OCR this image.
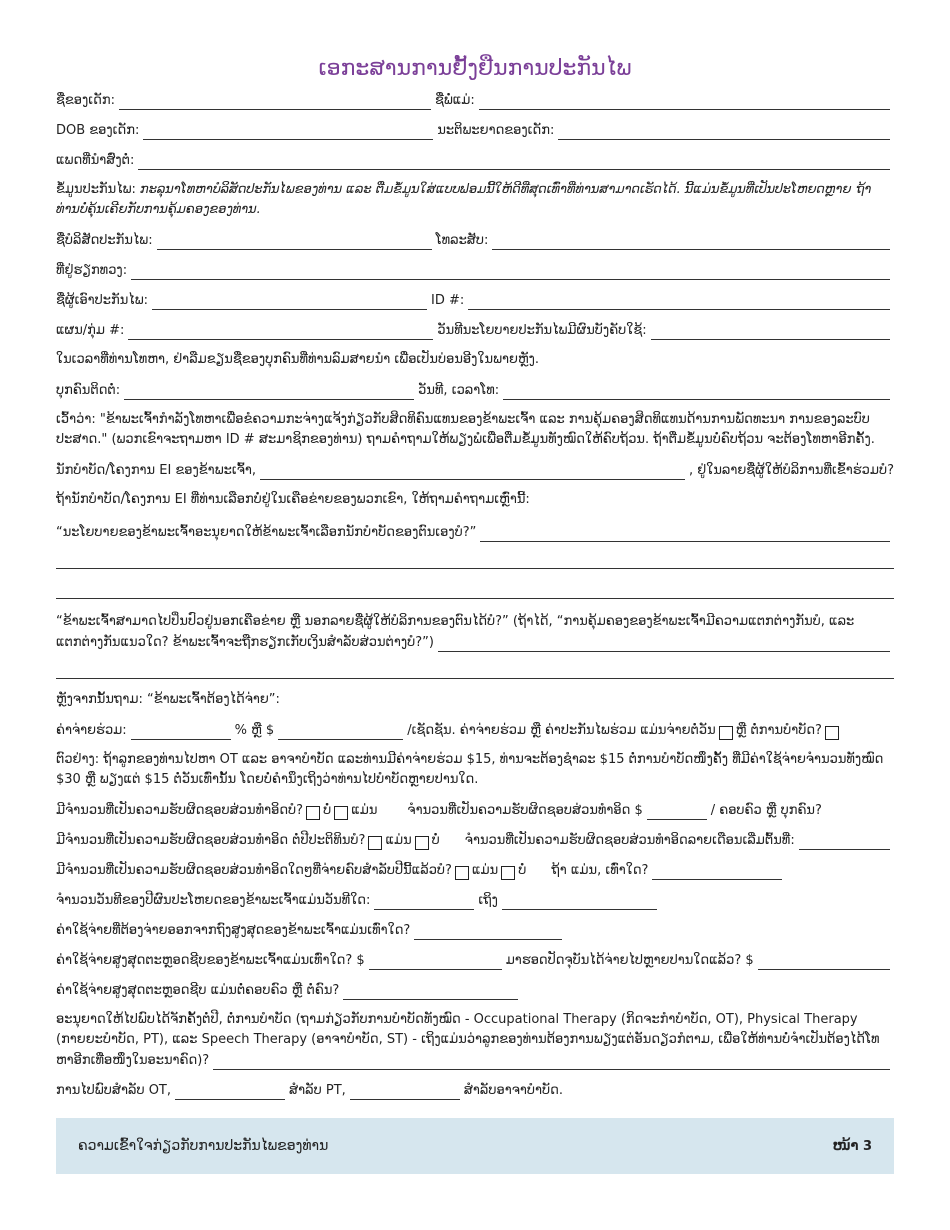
ເອກະສານການຢັ້ງຢືນການປະກັນໄພ
ຊື່ຂອງເດັກ:	ຊື່ພໍ່ແມ່:
DOB ຂອງເດັກ:	ນະຕິພະຍາດຂອງເດັກ:
ແພດທີ່ນຳສົ່ງຕໍ່:
ຂໍ້ມູນປະກັນໄພ: ກະລຸນາໂທຫາບໍລິສັດປະກັນໄພຂອງທ່ານ ແລະ ຕື່ມຂໍ້ມູນໃສ່ແບບຟອມນີ້ໃຫ້ດີທີ່ສຸດເທົ່າທີ່ທ່ານສາມາດເຮັດໄດ້. ນີ້ແມ່ນຂໍ້ມູນທີ່ເປັນປະໂຫຍດຫຼາຍ ຖ້າທ່ານບໍ່ຄຸ້ນເຄີຍກັບການຄຸ້ມຄອງຂອງທ່ານ.
ຊື່ບໍລິສັດປະກັນໄພ:	ໂທລະສັບ:
ທີ່ຢູ່ຮຽກທວງ:
ຊື່ຜູ້ເອົາປະກັນໄພ:	ID #:
ແຜນ/ກຸ່ມ #:	ວັນທີນະໂຍບາຍປະກັນໄພມີຜົນບັງຄັບໃຊ້:
ໃນເວລາທີ່ທ່ານໂທຫາ, ຢ່າລືມຂຽນຊື່ຂອງບຸກຄົນທີ່ທ່ານລົມສາຍນຳ ເພື່ອເປັນບ່ອນອີງໃນພາຍຫຼັງ.
ບຸກຄົນຕິດຕໍ່:	ວັນທີ, ເວລາໂທ:
ເວົ້າວ່າ: "ຂ້າພະເຈົ້າກຳລັງໂທຫາເພື່ອຂໍຄວາມກະຈ່າງແຈ້ງກ່ຽວກັບສິດທິຄົນແທນຂອງຂ້າພະເຈົ້າ ແລະ ການຄຸ້ມຄອງສິດທິແທນດ້ານການພັດທະນາ ການຂອງລະບົບ
ປະສາດ." (ພວກເຂົາຈະຖາມຫາ ID # ສະມາຊິກຂອງທ່ານ) ຖາມຄຳຖາມໃຫ້ພຽງພໍເພື່ອຕື່ມຂໍ້ມູນທັງໝົດໃຫ້ຄົບຖ້ວນ. ຖ້າຕື່ມຂໍ້ມູນບໍ່ຄົບຖ້ວນ ຈະຕ້ອງໂທຫາອີກຄັ້ງ.
ນັກບຳບັດ/ໂຄງການ EI ຂອງຂ້າພະເຈົ້າ,	, ຢູ່ໃນລາຍຊື່ຜູ້ໃຫ້ບໍລິການທີ່ເຂົ້າຮ່ວມບໍ?
ຖ້ານັກບຳບັດ/ໂຄງການ EI ທີ່ທ່ານເລືອກບໍ່ຢູ່ໃນເຄືອຂ່າຍຂອງພວກເຂົາ, ໃຫ້ຖາມຄຳຖາມເຫຼົ່ານີ້:
“ນະໂຍບາຍຂອງຂ້າພະເຈົ້າອະນຸຍາດໃຫ້ຂ້າພະເຈົ້າເລືອກນັກບຳບັດຂອງຕົນເອງບໍ?”
“ຂ້າພະເຈົ້າສາມາດໄປປິ່ນປົວຢູ່ນອກເຄືອຂ່າຍ ຫຼື ນອກລາຍຊື່ຜູ້ໃຫ້ບໍລິການຂອງຕົນໄດ້ບໍ?” (ຖ້າໄດ້, “ການຄຸ້ມຄອງຂອງຂ້າພະເຈົ້າມີຄວາມແຕກຕ່າງກັນບໍ, ແລະ
ແຕກຕ່າງກັນແນວໃດ? ຂ້າພະເຈົ້າຈະຖືກຮຽກເກັບເງິນສຳລັບສ່ວນຕ່າງບໍ?”)
ຫຼັງຈາກນັ້ນຖາມ: “ຂ້າພະເຈົ້າຕ້ອງໄດ້ຈ່າຍ”:
ຄ່າຈ່າຍຮ່ວມ:	% ຫຼື $	/ເຊັດຊັນ. ຄ່າຈ່າຍຮ່ວມ ຫຼື ຄ່າປະກັນໄພຮ່ວມ ແມ່ນຈ່າຍຕໍ່ວັນ ຫຼື ຕໍ່ການບຳບັດ?
ຕົວຢ່າງ: ຖ້າລູກຂອງທ່ານໄປຫາ OT ແລະ ອາຈາບຳບັດ ແລະທ່ານມີຄ່າຈ່າຍຮ່ວມ $15, ທ່ານຈະຕ້ອງຊຳລະ $15 ຕໍ່ການບຳບັດໜຶ່ງຄັ້ງ ທີ່ມີຄ່າໃຊ້ຈ່າຍຈຳນວນທັງໝົດ
$30 ຫຼື ພຽງແຕ່ $15 ຕໍ່ວັນເທົ່ານັ້ນ ໂດຍບໍ່ຄຳນຶງເຖິງວ່າທ່ານໄປບຳບັດຫຼາຍປານໃດ.
ມີຈຳນວນທີ່ເປັນຄວາມຮັບຜິດຊອບສ່ວນທຳອິດບໍ? ບໍ່ ແມ່ນ ຈຳນວນທີ່ເປັນຄວາມຮັບຜິດຊອບສ່ວນທຳອິດ $	/ ຄອບຄົວ ຫຼື ບຸກຄົນ?
ມີຈຳນວນທີ່ເປັນຄວາມຮັບຜິດຊອບສ່ວນທຳອິດ ຕໍ່ປີປະຕິທິນບໍ? ແມ່ນ ບໍ່ ຈຳນວນທີ່ເປັນຄວາມຮັບຜິດຊອບສ່ວນທຳອິດລາຍເດືອນເລີ່ມຕົ້ນທີ່:
ມີຈຳນວນທີ່ເປັນຄວາມຮັບຜິດຊອບສ່ວນທຳອິດໃດໆທີ່ຈ່າຍຄົບສຳລັບປີນີ້ແລ້ວບໍ? ແມ່ນ ບໍ່ ຖ້າ ແມ່ນ, ເທົ່າໃດ?
ຈຳນວນວັນທີຂອງປີຜົນປະໂຫຍດຂອງຂ້າພະເຈົ້າແມ່ນວັນທີໃດ:	ເຖິງ
ຄ່າໃຊ້ຈ່າຍທີ່ຕ້ອງຈ່າຍອອກຈາກຖົງສູງສຸດຂອງຂ້າພະເຈົ້າແມ່ນເທົ່າໃດ?
ຄ່າໃຊ້ຈ່າຍສູງສຸດຕະຫຼອດຊີບຂອງຂ້າພະເຈົ້າແມ່ນເທົ່າໃດ? $	ມາຮອດປັດຈຸບັນໄດ້ຈ່າຍໄປຫຼາຍປານໃດແລ້ວ? $
ຄ່າໃຊ້ຈ່າຍສູງສຸດຕະຫຼອດຊີບ ແມ່ນຕໍ່ຄອບຄົວ ຫຼື ຕໍ່ຄົນ?
ອະນຸຍາດໃຫ້ໄປພົບໄດ້ຈັກຄັ້ງຕໍ່ປີ, ຕໍ່ການບຳບັດ (ຖາມກ່ຽວກັບການບຳບັດທັງໝົດ - Occupational Therapy (ກິດຈະກຳບຳບັດ, OT), Physical Therapy
(ກາຍຍະບຳບັດ, PT), ແລະ Speech Therapy (ອາຈາບຳບັດ, ST) - ເຖິງແມ່ນວ່າລູກຂອງທ່ານຕ້ອງການພຽງແຕ່ອັນດຽວກໍຕາມ, ເພື່ອໃຫ້ທ່ານບໍ່ຈຳເປັນຕ້ອງໄດ້ໂທ
ຫາອີກເທື່ອໜຶ່ງໃນອະນາຄົດ)?
ການໄປພົບສຳລັບ OT,	ສຳລັບ PT,	ສຳລັບອາຈາບຳບັດ.
ຄວາມເຂົ້າໃຈກ່ຽວກັບການປະກັນໄພຂອງທ່ານ	ໜ້າ 3
